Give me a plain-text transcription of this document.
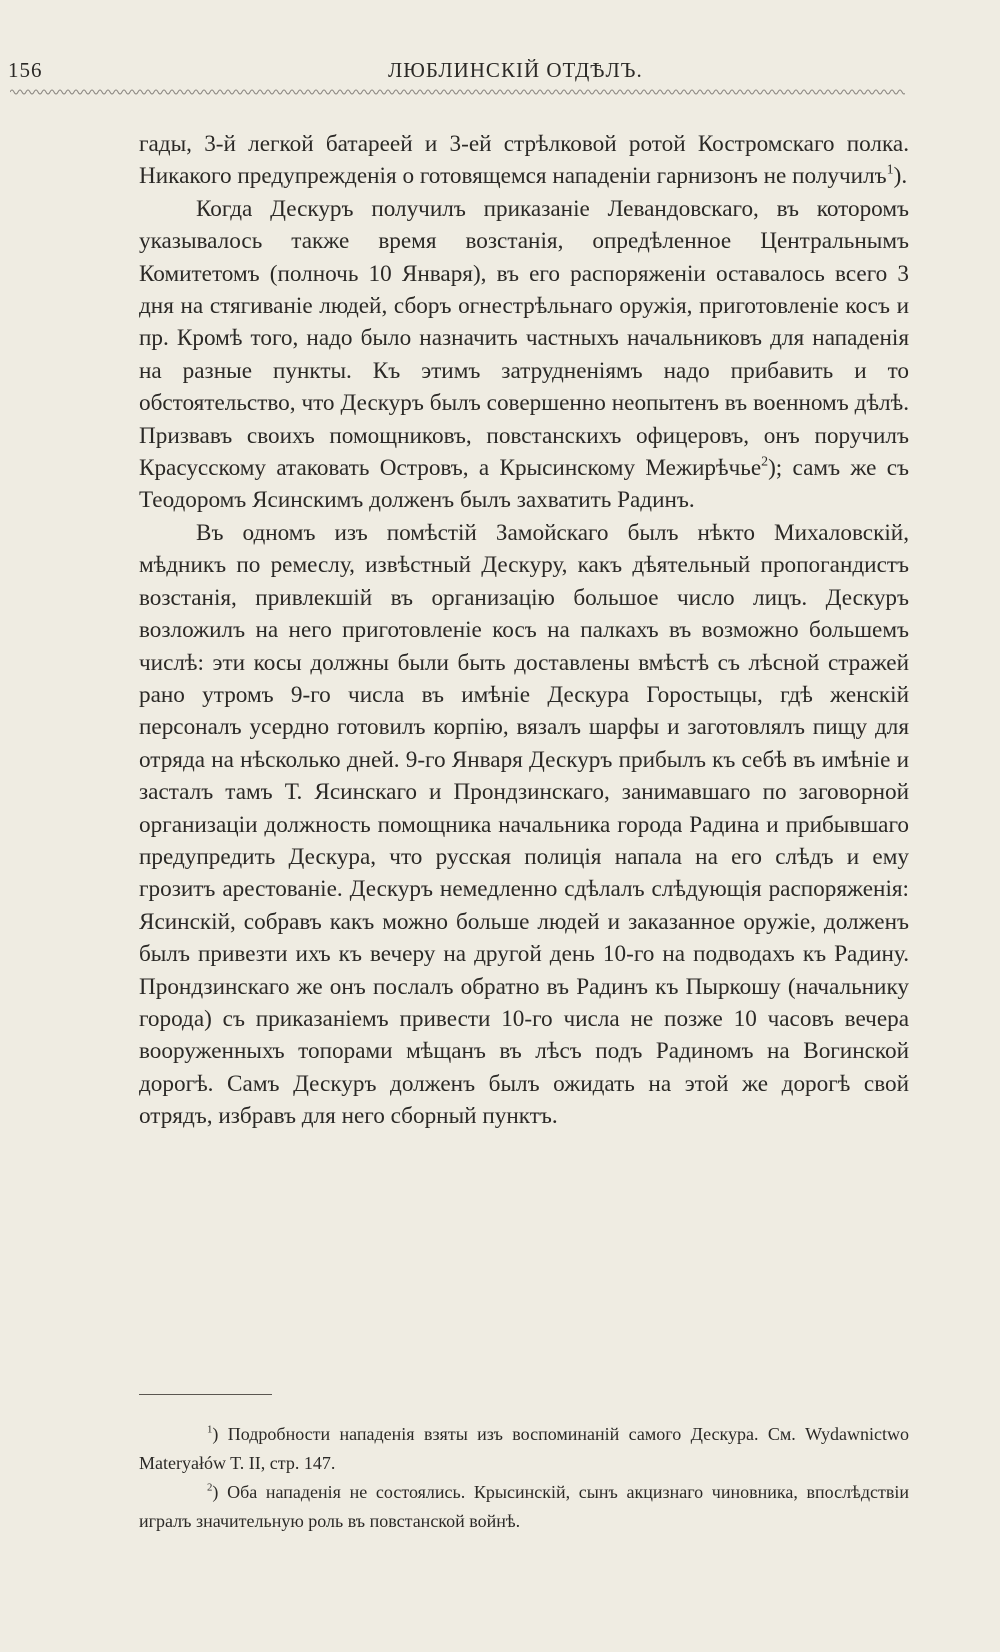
156	ЛЮБЛИНСКІЙ ОТДѢЛЪ.

гады, 3-й легкой батареей и 3-ей стрѣлковой ротой Костромскаго полка. Никакого предупрежденія о готовящемся нападеніи гарнизонъ не получилъ$^1$).

Когда Дескуръ получилъ приказаніе Левандовскаго, въ которомъ указывалось также время возстанія, опредѣленное Центральнымъ Комитетомъ (полночь 10 Января), въ его распоряженіи оставалось всего 3 дня на стягиваніе людей, сборъ огнестрѣльнаго оружія, приготовленіе косъ и пр. Кромѣ того, надо было назначить частныхъ начальниковъ для нападенія на разные пункты. Къ этимъ затрудненіямъ надо прибавить и то обстоятельство, что Дескуръ былъ совершенно неопытенъ въ военномъ дѣлѣ. Призвавъ своихъ помощниковъ, повстанскихъ офицеровъ, онъ поручилъ Красусскому атаковать Островъ, а Крысинскому Межирѣчье$^2$); самъ же съ Теодоромъ Ясинскимъ долженъ былъ захватить Радинъ.

Въ одномъ изъ помѣстій Замойскаго былъ нѣкто Михаловскій, мѣдникъ по ремеслу, извѣстный Дескуру, какъ дѣятельный пропогандистъ возстанія, привлекшій въ организацію большое число лицъ. Дескуръ возложилъ на него приготовленіе косъ на палкахъ въ возможно большемъ числѣ: эти косы должны были быть доставлены вмѣстѣ съ лѣсной стражей рано утромъ 9-го числа въ имѣніе Дескура Горостыцы, гдѣ женскій персоналъ усердно готовилъ корпію, вязалъ шарфы и заготовлялъ пищу для отряда на нѣсколько дней. 9-го Января Дескуръ прибылъ къ себѣ въ имѣніе и засталъ тамъ Т. Ясинскаго и Прондзинскаго, занимавшаго по заговорной организаціи должность помощника начальника города Радина и прибывшаго предупредить Дескура, что русская полиція напала на его слѣдъ и ему грозитъ арестованіе. Дескуръ немедленно сдѣлалъ слѣдующія распоряженія: Ясинскій, собравъ какъ можно больше людей и заказанное оружіе, долженъ былъ привезти ихъ къ вечеру на другой день 10-го на подводахъ къ Радину. Прондзинскаго же онъ послалъ обратно въ Радинъ къ Пыркошу (начальнику города) съ приказаніемъ привести 10-го числа не позже 10 часовъ вечера вооруженныхъ топорами мѣщанъ въ лѣсъ подъ Радиномъ на Вогинской дорогѣ. Самъ Дескуръ долженъ былъ ожидать на этой же дорогѣ свой отрядъ, избравъ для него сборный пунктъ.

$^1$) Подробности нападенія взяты изъ воспоминаній самого Дескура. См. Wydawnictwo Materyałów T. II, стр. 147.

$^2$) Оба нападенія не состоялись. Крысинскій, сынъ акцизнаго чиновника, впослѣдствіи игралъ значительную роль въ повстанской войнѣ.
